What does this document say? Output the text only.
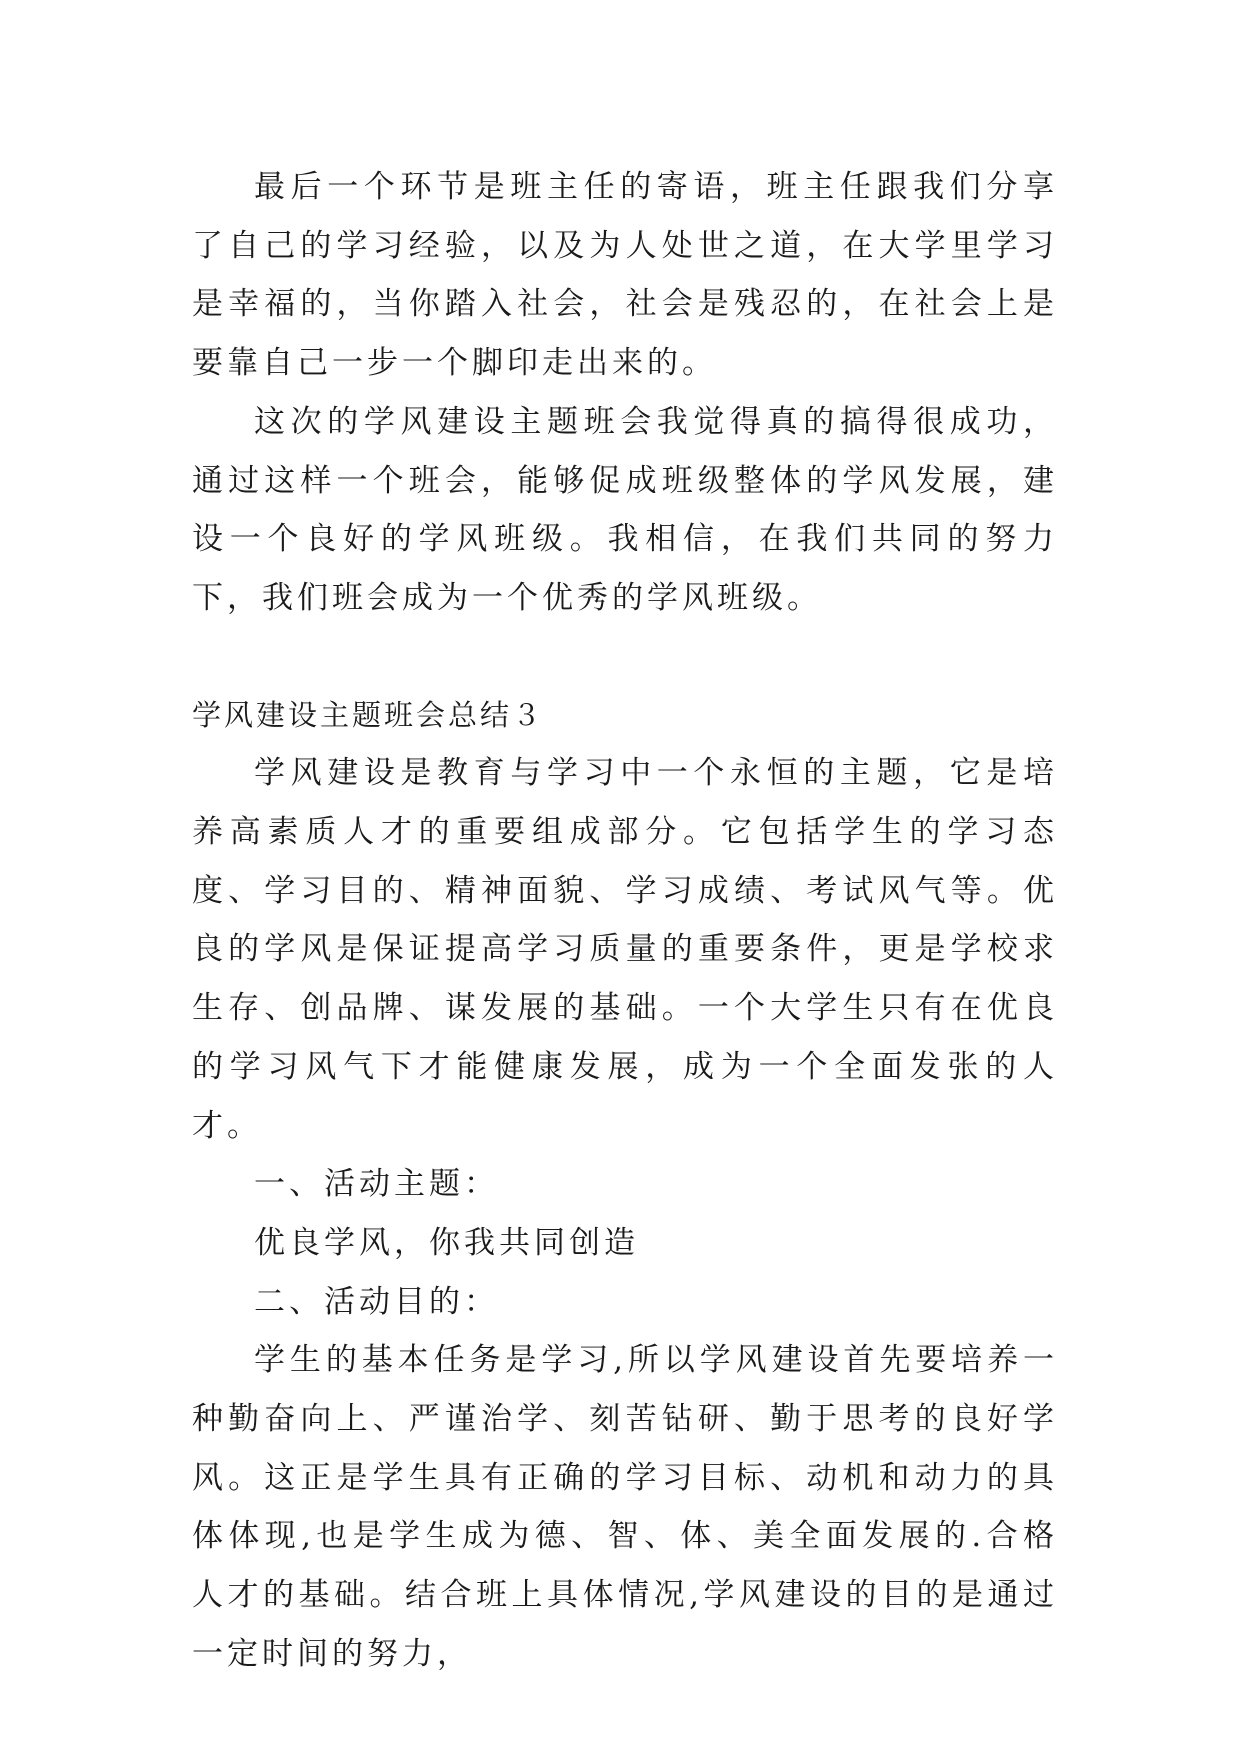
最后一个环节是班主任的寄语，班主任跟我们分享了自己的学习经验，以及为人处世之道，在大学里学习是幸福的，当你踏入社会，社会是残忍的，在社会上是要靠自己一步一个脚印走出来的。

这次的学风建设主题班会我觉得真的搞得很成功，通过这样一个班会，能够促成班级整体的学风发展，建设一个良好的学风班级。我相信，在我们共同的努力下，我们班会成为一个优秀的学风班级。

学风建设主题班会总结３

学风建设是教育与学习中一个永恒的主题，它是培养高素质人才的重要组成部分。它包括学生的学习态度、学习目的、精神面貌、学习成绩、考试风气等。优良的学风是保证提高学习质量的重要条件，更是学校求生存、创品牌、谋发展的基础。一个大学生只有在优良的学习风气下才能健康发展，成为一个全面发张的人才。

一、活动主题：

优良学风，你我共同创造

二、活动目的：

学生的基本任务是学习,所以学风建设首先要培养一种勤奋向上、严谨治学、刻苦钻研、勤于思考的良好学风。这正是学生具有正确的学习目标、动机和动力的具体体现,也是学生成为德、智、体、美全面发展的.合格人才的基础。结合班上具体情况,学风建设的目的是通过一定时间的努力，
